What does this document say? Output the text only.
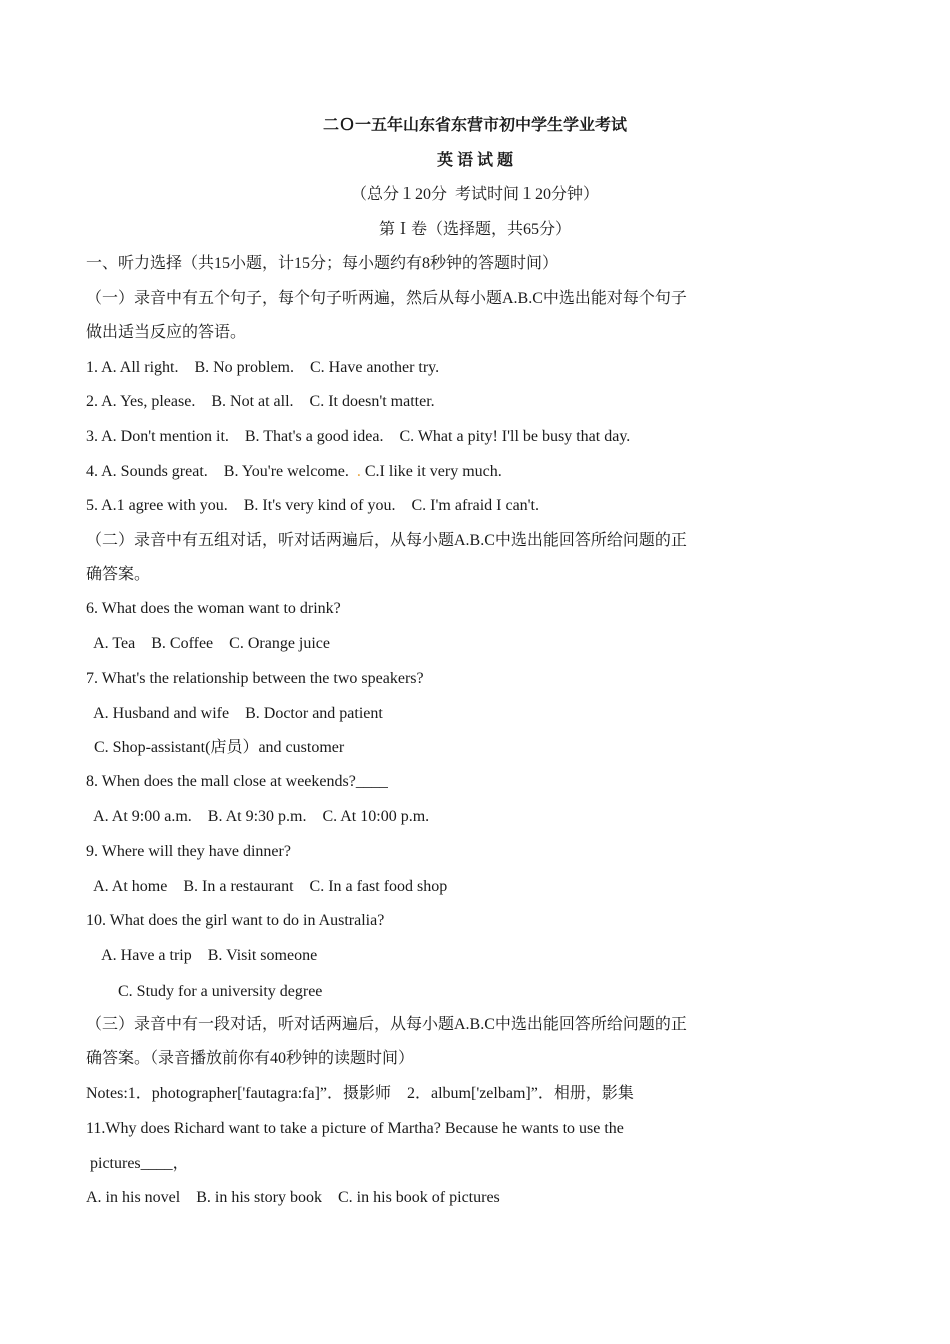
二Ｏ一五年山东省东营市初中学生学业考试
英 语 试 题
（总分１20分  考试时间１20分钟）
第Ｉ卷（选择题，共65分）
一、听力选择（共15小题，计15分；每小题约有8秒钟的答题时间）
（一）录音中有五个句子，每个句子听两遍，然后从每小题A.B.C中选出能对每个句子
做出适当反应的答语。
1. A. All right.    B. No problem.    C. Have another try.
2. A. Yes, please.    B. Not at all.    C. It doesn't matter.
3. A. Don't mention it.    B. That's a good idea.    C. What a pity! I'll be busy that day.
4. A. Sounds great.    B. You're welcome.  . C.I like it very much.
5. A.1 agree with you.    B. It's very kind of you.    C. I'm afraid I can't.
（二）录音中有五组对话，听对话两遍后，从每小题A.B.C中选出能回答所给问题的正
确答案。
6. What does the woman want to drink?
A. Tea    B. Coffee    C. Orange juice
7. What's the relationship between the two speakers?
A. Husband and wife    B. Doctor and patient
C. Shop-assistant(店员）and customer
8. When does the mall close at weekends?____
A. At 9:00 a.m.    B. At 9:30 p.m.    C. At 10:00 p.m.
9. Where will they have dinner?
A. At home    B. In a restaurant    C. In a fast food shop
10. What does the girl want to do in Australia?
A. Have a trip    B. Visit someone
C. Study for a university degree
（三）录音中有一段对话，听对话两遍后，从每小题A.B.C中选出能回答所给问题的正
确答案。（录音播放前你有40秒钟的读题时间）
Notes:1．photographer['fautagra:fa]”．摄影师    2．album['zelbam]”．相册，影集
11.Why does Richard want to take a picture of Martha? Because he wants to use the
pictures____，
A. in his novel    B. in his story book    C. in his book of pictures
